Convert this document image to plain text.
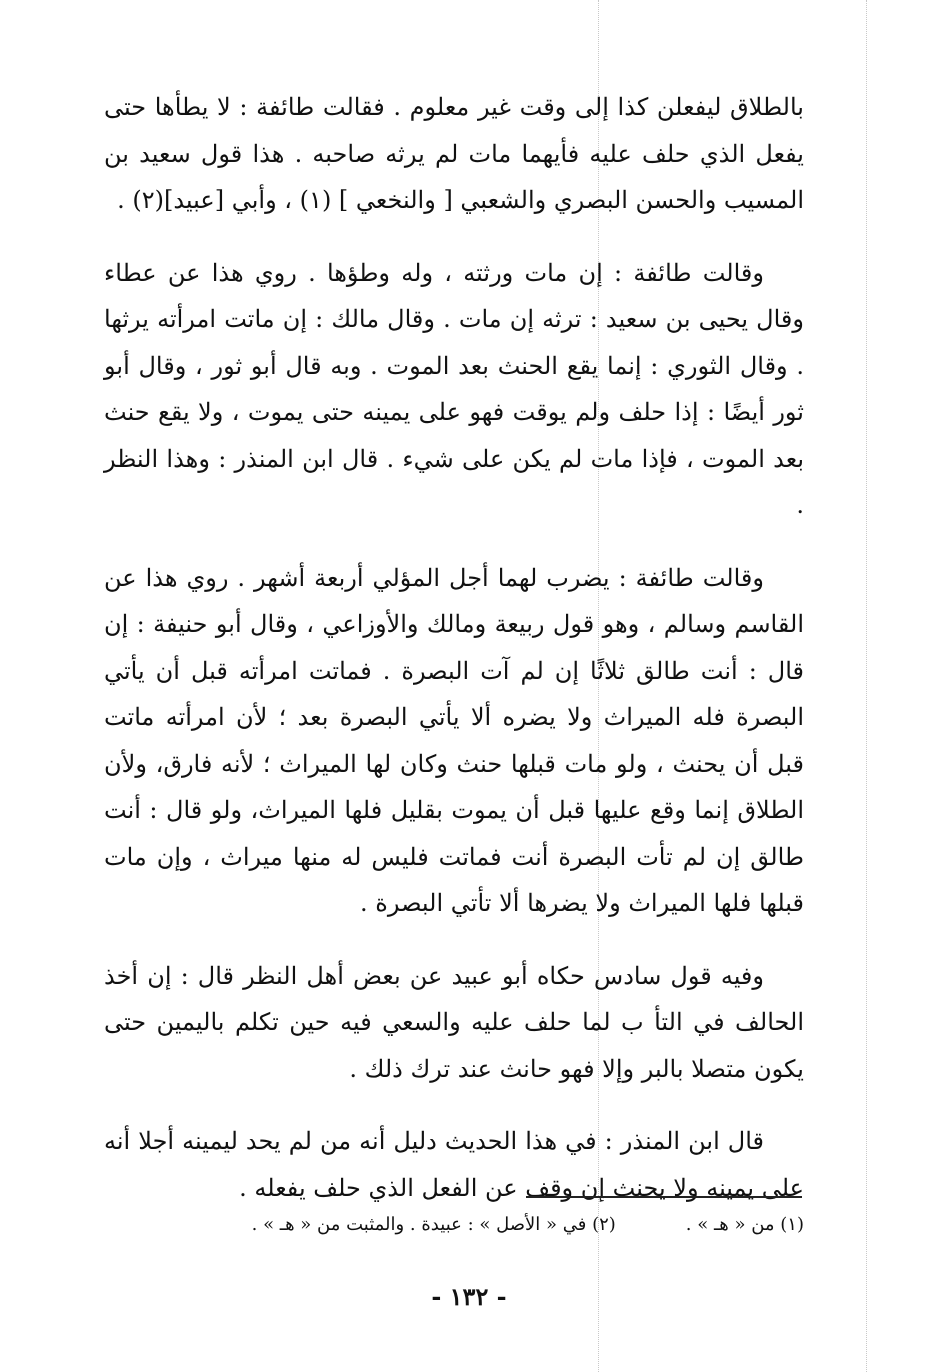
بالطلاق ليفعلن كذا إلى وقت غير معلوم . فقالت طائفة : لا يطأها حتى يفعل الذي حلف عليه فأيهما مات لم يرثه صاحبه . هذا قول سعيد بن المسيب والحسن البصري والشعبي [ والنخعي ] (١) ، وأبي [عبيد](٢) .

وقالت طائفة : إن مات ورثته ، وله وطؤها . روي هذا عن عطاء وقال يحيى بن سعيد : ترثه إن مات . وقال مالك : إن ماتت امرأته يرثها . وقال الثوري : إنما يقع الحنث بعد الموت . وبه قال أبو ثور ، وقال أبو ثور أيضًا : إذا حلف ولم يوقت فهو على يمينه حتى يموت ، ولا يقع حنث بعد الموت ، فإذا مات لم يكن على شيء . قال ابن المنذر : وهذا النظر .

وقالت طائفة : يضرب لهما أجل المؤلي أربعة أشهر . روي هذا عن القاسم وسالم ، وهو قول ربيعة ومالك والأوزاعي ، وقال أبو حنيفة : إن قال : أنت طالق ثلاثًا إن لم آت البصرة . فماتت امرأته قبل أن يأتي البصرة فله الميراث ولا يضره ألا يأتي البصرة بعد ؛ لأن امرأته ماتت قبل أن يحنث ، ولو مات قبلها حنث وكان لها الميراث ؛ لأنه فارق، ولأن الطلاق إنما وقع عليها قبل أن يموت بقليل فلها الميراث، ولو قال : أنت طالق إن لم تأت البصرة أنت فماتت فليس له منها ميراث ، وإن مات قبلها فلها الميراث ولا يضرها ألا تأتي البصرة .

وفيه قول سادس حكاه أبو عبيد عن بعض أهل النظر قال : إن أخذ الحالف في التأ ب لما حلف عليه والسعي فيه حين تكلم باليمين حتى يكون متصلا بالبر وإلا فهو حانث عند ترك ذلك .

قال ابن المنذر : في هذا الحديث دليل أنه من لم يحد ليمينه أجلا أنه على يمينه ولا يحنث إن وقف عن الفعل الذي حلف يفعله .

(١) من « هـ » .
(٢) في « الأصل » : عبيدة . والمثبت من « هـ » .
- ١٣٢ -
